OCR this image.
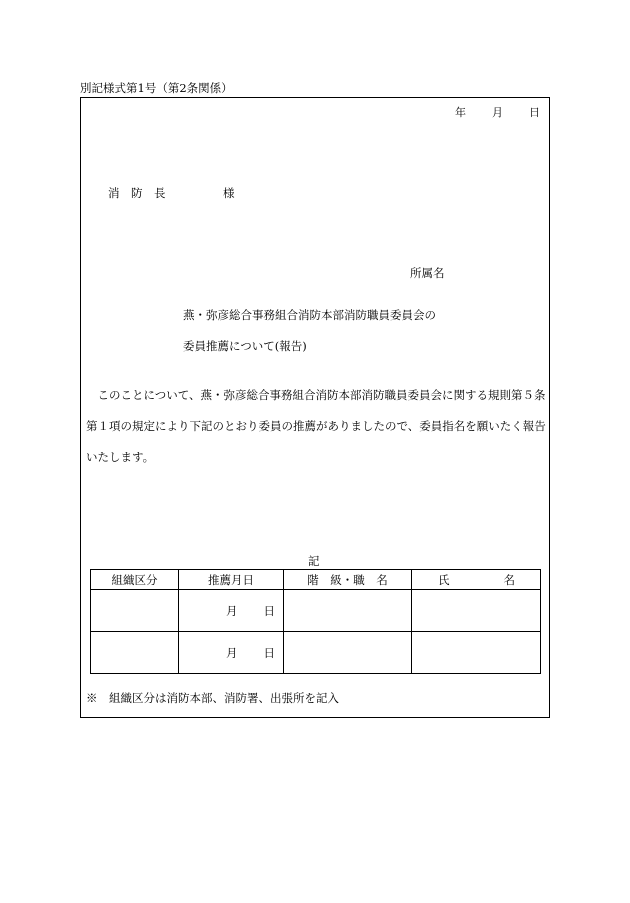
別記様式第1号（第2条関係）
年 月 日
消　防　長　　　　　様
所属名
燕・弥彦総合事務組合消防本部消防職員委員会の
委員推薦について(報告)
　このことについて、燕・弥彦総合事務組合消防本部消防職員委員会に関する規則第５条
第１項の規定により下記のとおり委員の推薦がありましたので、委員指名を願いたく報告
いたします。
記
組織区分	推薦月日	階　級・職　名	氏 名
	月 日		
	月 日		
※　組織区分は消防本部、消防署、出張所を記入
